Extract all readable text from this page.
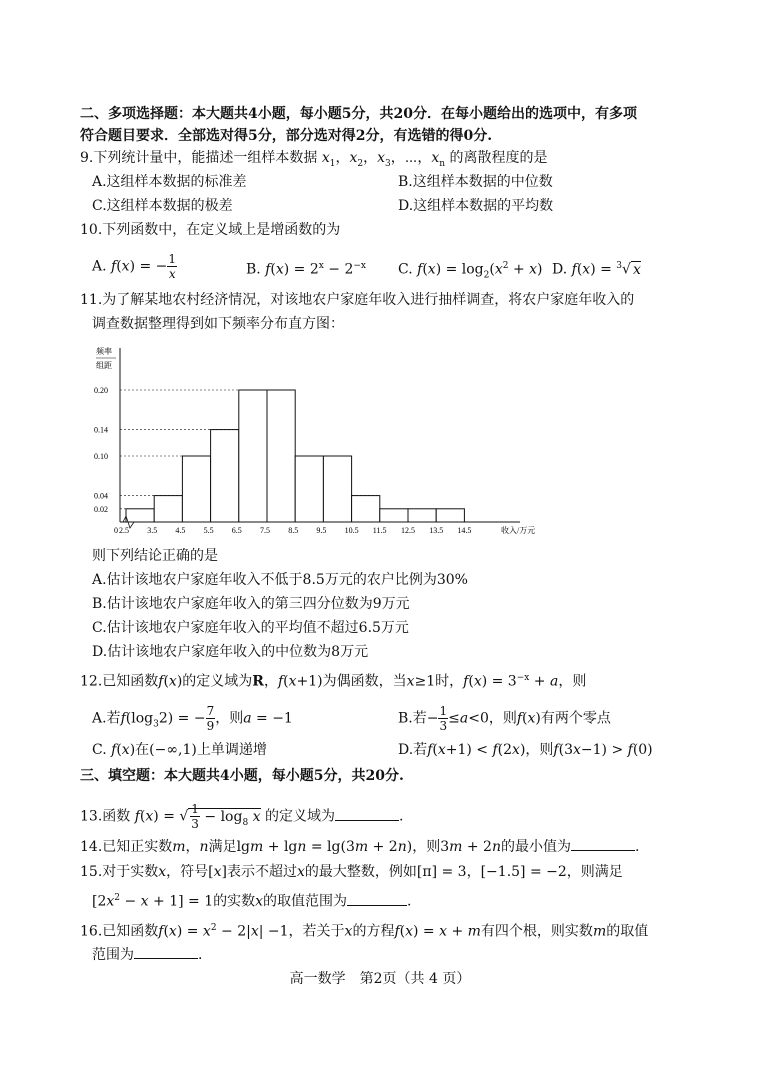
二、多项选择题：本大题共4小题，每小题5分，共20分．在每小题给出的选项中，有多项
符合题目要求．全部选对得5分，部分选对得2分，有选错的得0分.
9.下列统计量中，能描述一组样本数据 $x_1$，$x_2$，$x_3$，⋯，$x_n$ 的离散程度的是
A.这组样本数据的标准差	B.这组样本数据的中位数
C.这组样本数据的极差	D.这组样本数据的平均数
10.下列函数中，在定义域上是增函数的为
A. f(x) = − $\frac{1}{x}$	B. $f(x) = 2^x - 2^{-x}$ C. $f(x) = \log_2(x^2 + x)$ D. f(x) = $^3$√ x
11.为了解某地农村经济情况，对该地农户家庭年收入进行抽样调查，将农户家庭年收入的
调查数据整理得到如下频率分布直方图：
0.20
0.14
0.10
0.04
0.02
2.5 3.5 4.5 5.5 6.5 7.5 8.5 9.5 10.5 11.5 12.5 13.5 14.5
频率
组距
0	收入/万元
则下列结论正确的是
A.估计该地农户家庭年收入不低于8.5万元的农户比例为30%
B.估计该地农户家庭年收入的第三四分位数为9万元
C.估计该地农户家庭年收入的平均值不超过6.5万元
D.估计该地农户家庭年收入的中位数为8万元
12.已知函数f(x)的定义域为R，f(x+1)为偶函数，当x≥1时，$f(x) = 3^{-x} + a$，则
A.若$f(\log_32)$ = − $\frac{7}{9}$ ，则a = −1	B.若− $\frac{1}{3} \le a<0$，则f(x)有两个零点
C. f(x)在(−∞,1)上单调递增	D.若f(x+1) < f(2x)，则f(3x−1) > f(0)
三、填空题：本大题共4小题，每小题5分，共20分.
13.函数 f(x) = √ $\frac{1}{3} - \log_8 x$ 的定义域为	.
14.已知正实数m，n满足lgm + lgn = lg(3m + 2n)，则3m + 2n的最小值为	.
15.对于实数x，符号[x]表示不超过x的最大整数，例如[π] = 3，[−1.5] = −2，则满足
$[2x^2 - x + 1] = 1$的实数x的取值范围为	.
16.已知函数$f(x) = x^2 - 2|x| -1$，若关于x的方程f(x) = x + m有四个根，则实数m的取值
范围为	.
高一数学　第2页（共 4 页）
